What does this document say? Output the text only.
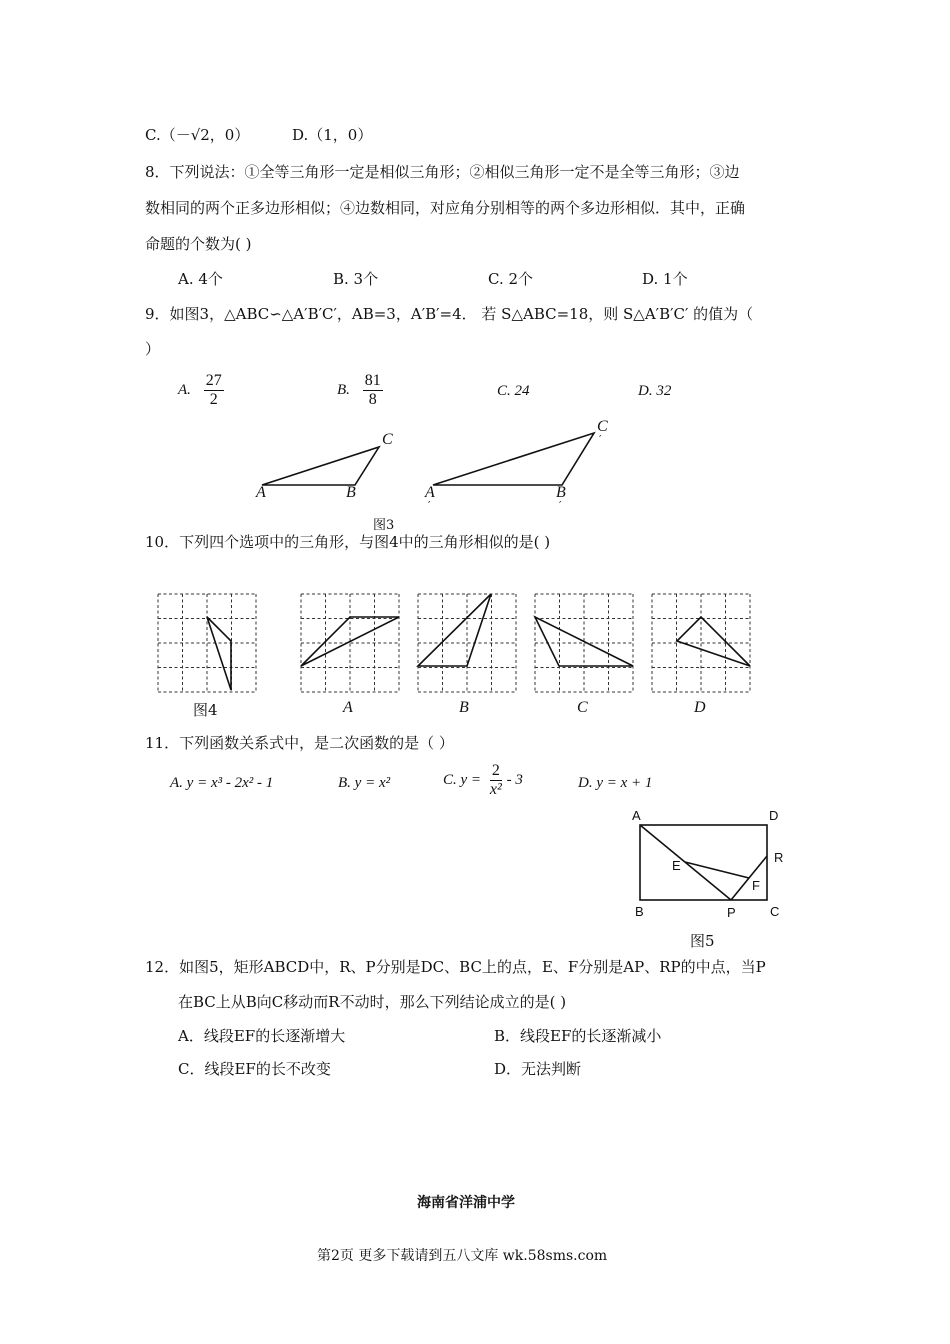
C.（－√2，0）	D.（1，0）
8．下列说法：①全等三角形一定是相似三角形；②相似三角形一定不是全等三角形；③边
数相同的两个正多边形相似；④边数相同，对应角分别相等的两个多边形相似．其中，正确
命题的个数为( )
A. 4个	B. 3个	C. 2个	D. 1个
9．如图3，△ABC∽△A′B′C′，AB=3，A′B′=4． 若 S△ABC=18，则 S△A′B′C′ 的值为（
）
A. $\frac{27}{2}$	B. $\frac{81}{8}$	C. 24	D. 32
A	B
C
A
′
B
′
C
′
图3
10．下列四个选项中的三角形，与图4中的三角形相似的是( )
图4	A	B	C	D
11．下列函数关系式中，是二次函数的是（ ）
A. y = x³ - 2x² - 1	B. y = x²	C. $y = \frac{2}{\text{x²}} - 3$	D. y = x + 1
A	D
B	P	C
E
F
R
图5
12．如图5，矩形ABCD中，R、P分别是DC、BC上的点，E、F分别是AP、RP的中点，当P
在BC上从B向C移动而R不动时，那么下列结论成立的是( )
A．线段EF的长逐渐增大	B．线段EF的长逐渐减小
C．线段EF的长不改变	D．无法判断
海南省洋浦中学
第2页 更多下载请到五八文库 wk.58sms.com
